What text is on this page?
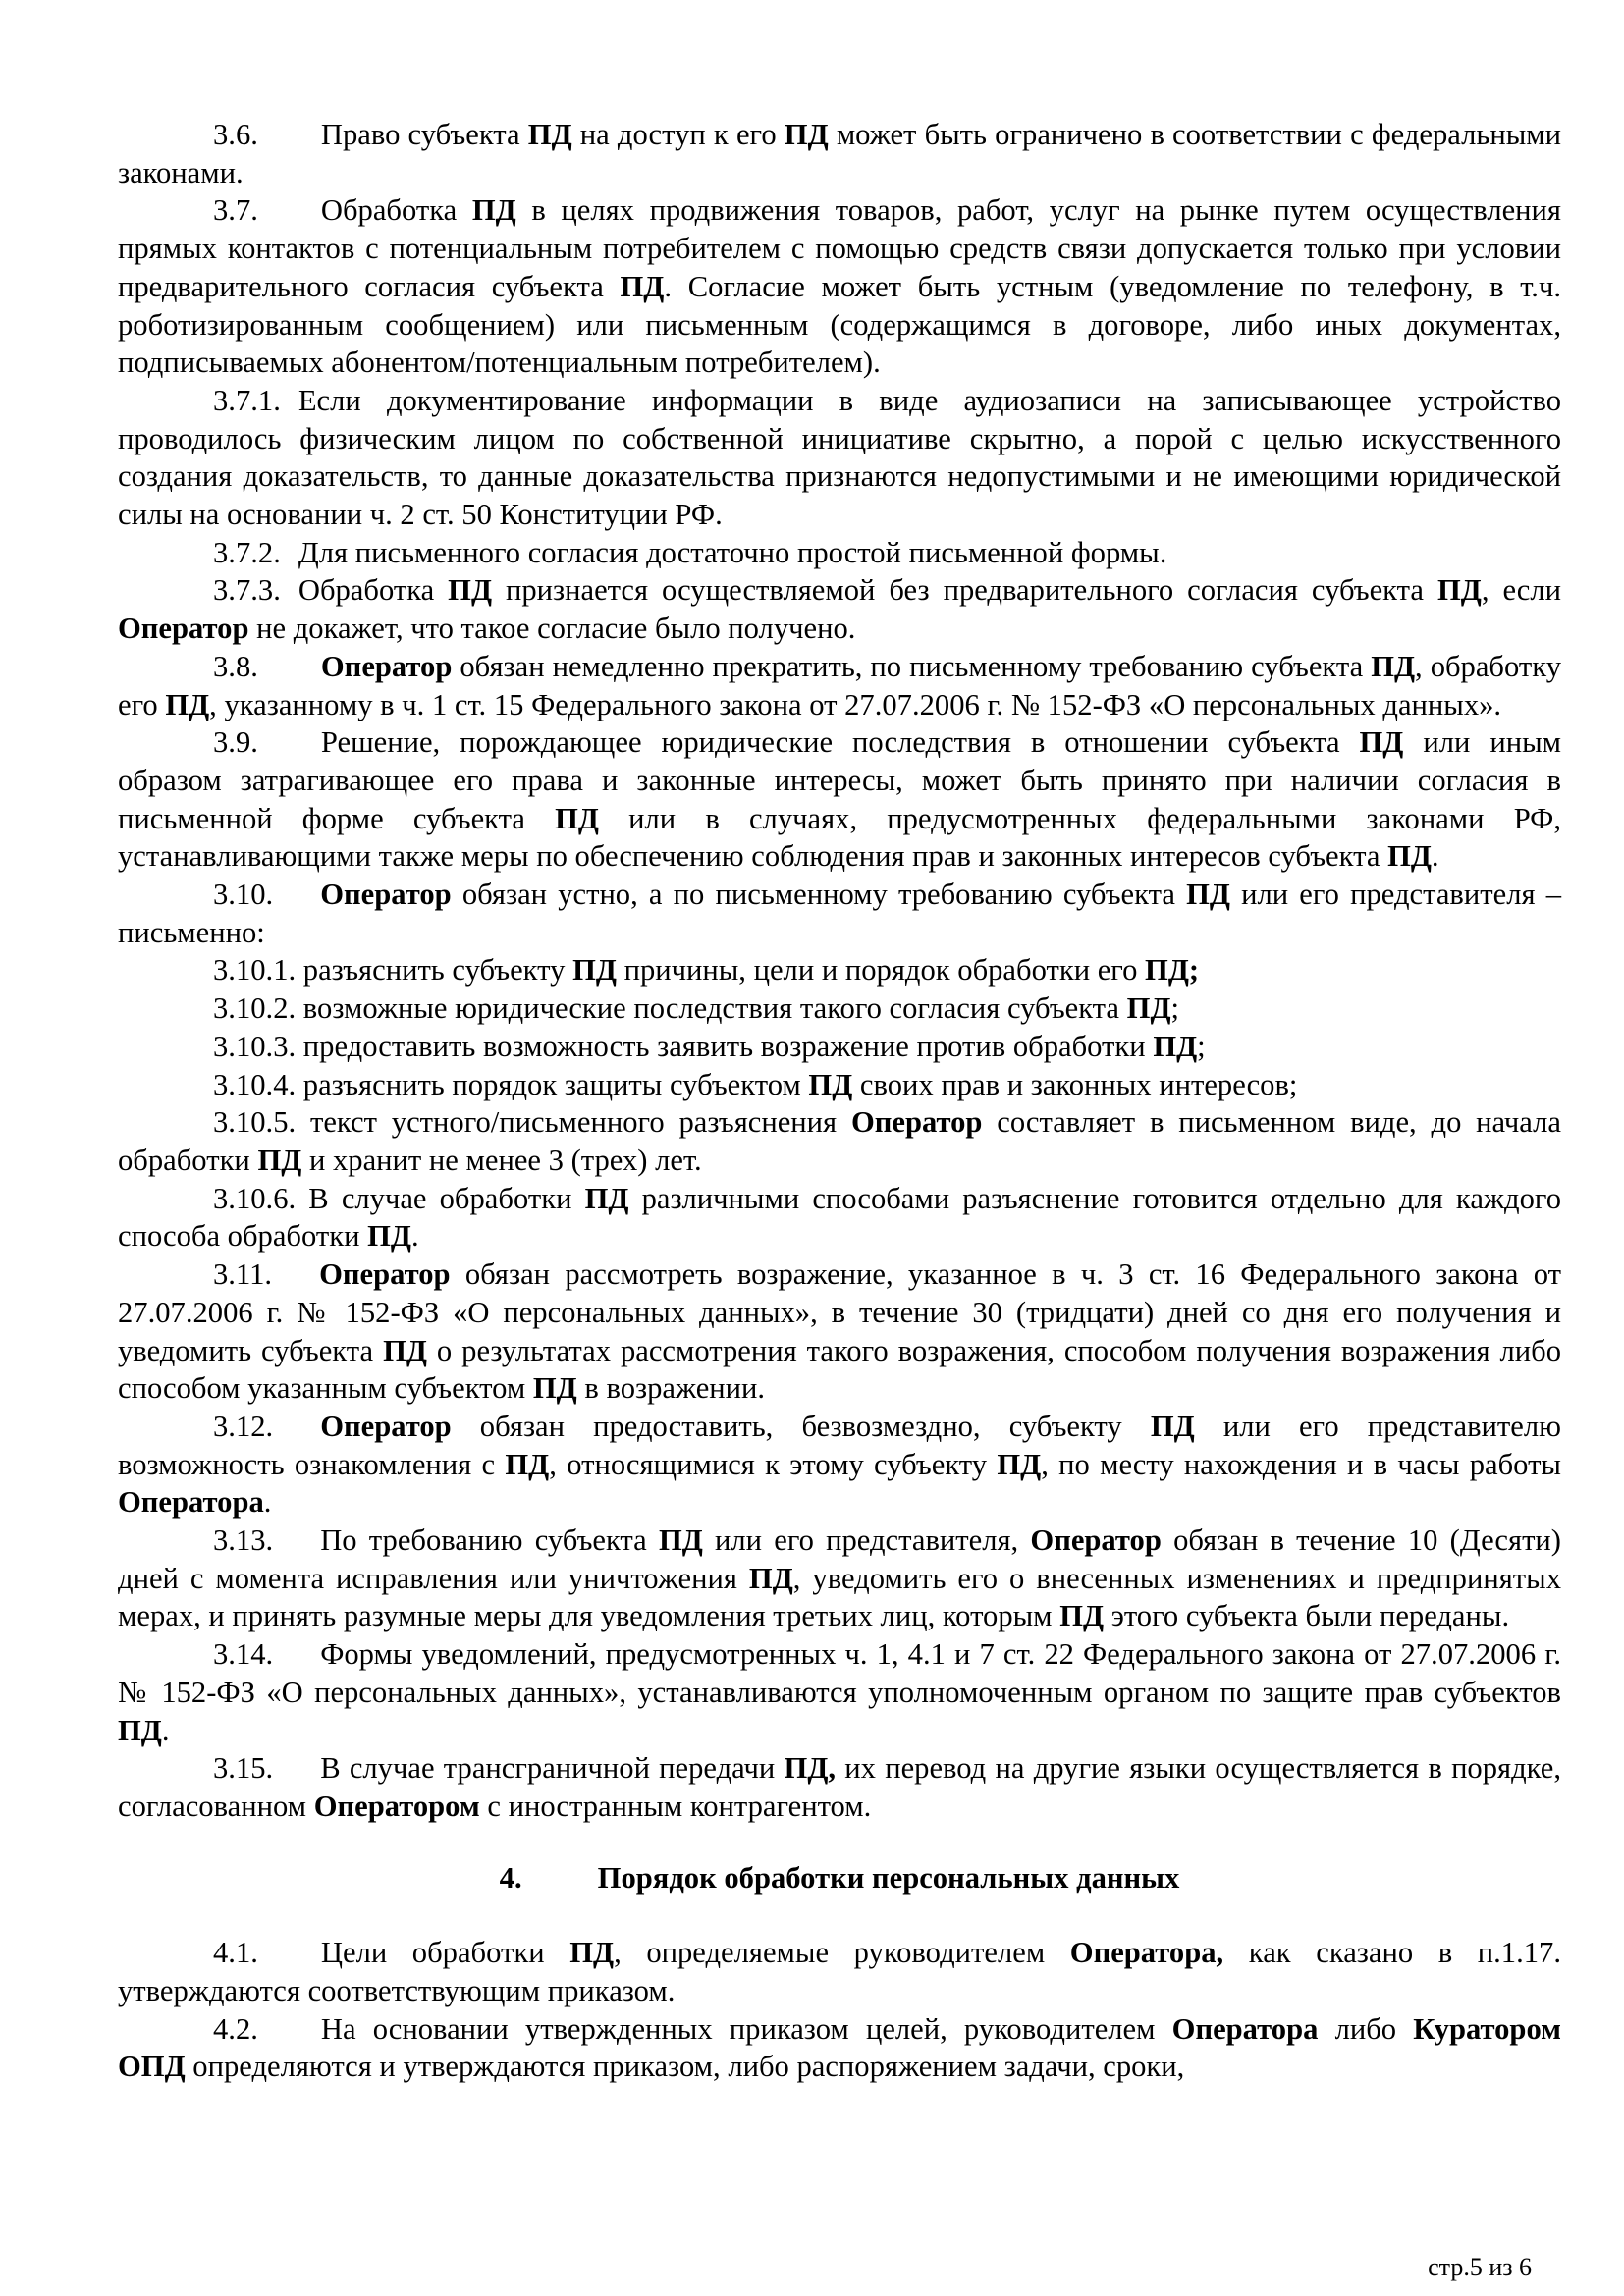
3.6. Право субъекта ПД на доступ к его ПД может быть ограничено в соответствии с федеральными законами.

3.7. Обработка ПД в целях продвижения товаров, работ, услуг на рынке путем осуществления прямых контактов с потенциальным потребителем с помощью средств связи допускается только при условии предварительного согласия субъекта ПД. Согласие может быть устным (уведомление по телефону, в т.ч. роботизированным сообщением) или письменным (содержащимся в договоре, либо иных документах, подписываемых абонентом/потенциальным потребителем).

3.7.1. Если документирование информации в виде аудиозаписи на записывающее устройство проводилось физическим лицом по собственной инициативе скрытно, а порой с целью искусственного создания доказательств, то данные доказательства признаются недопустимыми и не имеющими юридической силы на основании ч. 2 ст. 50 Конституции РФ.

3.7.2. Для письменного согласия достаточно простой письменной формы.

3.7.3. Обработка ПД признается осуществляемой без предварительного согласия субъекта ПД, если Оператор не докажет, что такое согласие было получено.

3.8. Оператор обязан немедленно прекратить, по письменному требованию субъекта ПД, обработку его ПД, указанному в ч. 1 ст. 15 Федерального закона от 27.07.2006 г. № 152-ФЗ «О персональных данных».

3.9. Решение, порождающее юридические последствия в отношении субъекта ПД или иным образом затрагивающее его права и законные интересы, может быть принято при наличии согласия в письменной форме субъекта ПД или в случаях, предусмотренных федеральными законами РФ, устанавливающими также меры по обеспечению соблюдения прав и законных интересов субъекта ПД.

3.10. Оператор обязан устно, а по письменному требованию субъекта ПД или его представителя – письменно:

3.10.1. разъяснить субъекту ПД причины, цели и порядок обработки его ПД;

3.10.2. возможные юридические последствия такого согласия субъекта ПД;

3.10.3. предоставить возможность заявить возражение против обработки ПД;

3.10.4. разъяснить порядок защиты субъектом ПД своих прав и законных интересов;

3.10.5. текст устного/письменного разъяснения Оператор составляет в письменном виде, до начала обработки ПД и хранит не менее 3 (трех) лет.

3.10.6. В случае обработки ПД различными способами разъяснение готовится отдельно для каждого способа обработки ПД.

3.11. Оператор обязан рассмотреть возражение, указанное в ч. 3 ст. 16 Федерального закона от 27.07.2006 г. № 152-ФЗ «О персональных данных», в течение 30 (тридцати) дней со дня его получения и уведомить субъекта ПД о результатах рассмотрения такого возражения, способом получения возражения либо способом указанным субъектом ПД в возражении.

3.12. Оператор обязан предоставить, безвозмездно, субъекту ПД или его представителю возможность ознакомления с ПД, относящимися к этому субъекту ПД, по месту нахождения и в часы работы Оператора.

3.13. По требованию субъекта ПД или его представителя, Оператор обязан в течение 10 (Десяти) дней с момента исправления или уничтожения ПД, уведомить его о внесенных изменениях и предпринятых мерах, и принять разумные меры для уведомления третьих лиц, которым ПД этого субъекта были переданы.

3.14. Формы уведомлений, предусмотренных ч. 1, 4.1 и 7 ст. 22 Федерального закона от 27.07.2006 г. № 152-ФЗ «О персональных данных», устанавливаются уполномоченным органом по защите прав субъектов ПД.

3.15. В случае трансграничной передачи ПД, их перевод на другие языки осуществляется в порядке, согласованном Оператором с иностранным контрагентом.

4.	Порядок обработки персональных данных

4.1. Цели обработки ПД, определяемые руководителем Оператора, как сказано в п.1.17. утверждаются соответствующим приказом.

4.2. На основании утвержденных приказом целей, руководителем Оператора либо Куратором ОПД определяются и утверждаются приказом, либо распоряжением задачи, сроки,

стр.5 из 6
